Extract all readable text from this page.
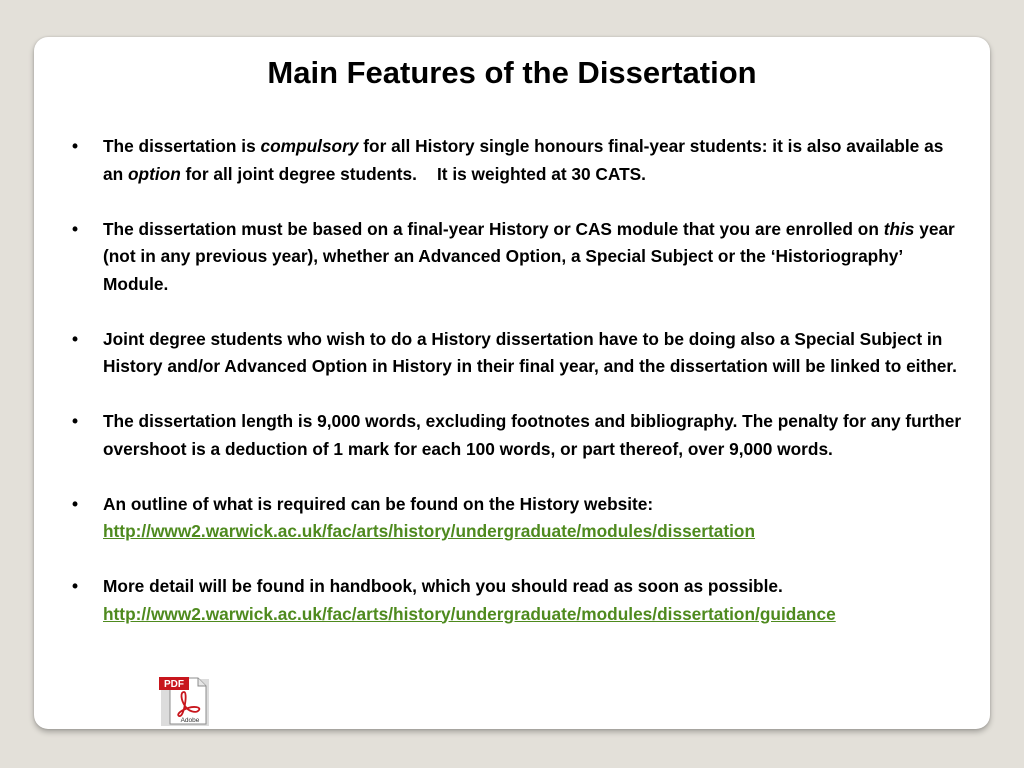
Main Features of the Dissertation
• The dissertation is compulsory for all History single honours final-year students: it is also available as an option for all joint degree students. It is weighted at 30 CATS.
• The dissertation must be based on a final-year History or CAS module that you are enrolled on this year (not in any previous year), whether an Advanced Option, a Special Subject or the ‘Historiography’ Module.
• Joint degree students who wish to do a History dissertation have to be doing also a Special Subject in History and/or Advanced Option in History in their final year, and the dissertation will be linked to either.
• The dissertation length is 9,000 words, excluding footnotes and bibliography. The penalty for any further overshoot is a deduction of 1 mark for each 100 words, or part thereof, over 9,000 words.
• An outline of what is required can be found on the History website:
http://www2.warwick.ac.uk/fac/arts/history/undergraduate/modules/dissertation
• More detail will be found in handbook, which you should read as soon as possible.
http://www2.warwick.ac.uk/fac/arts/history/undergraduate/modules/dissertation/guidance
PDF
Adobe
